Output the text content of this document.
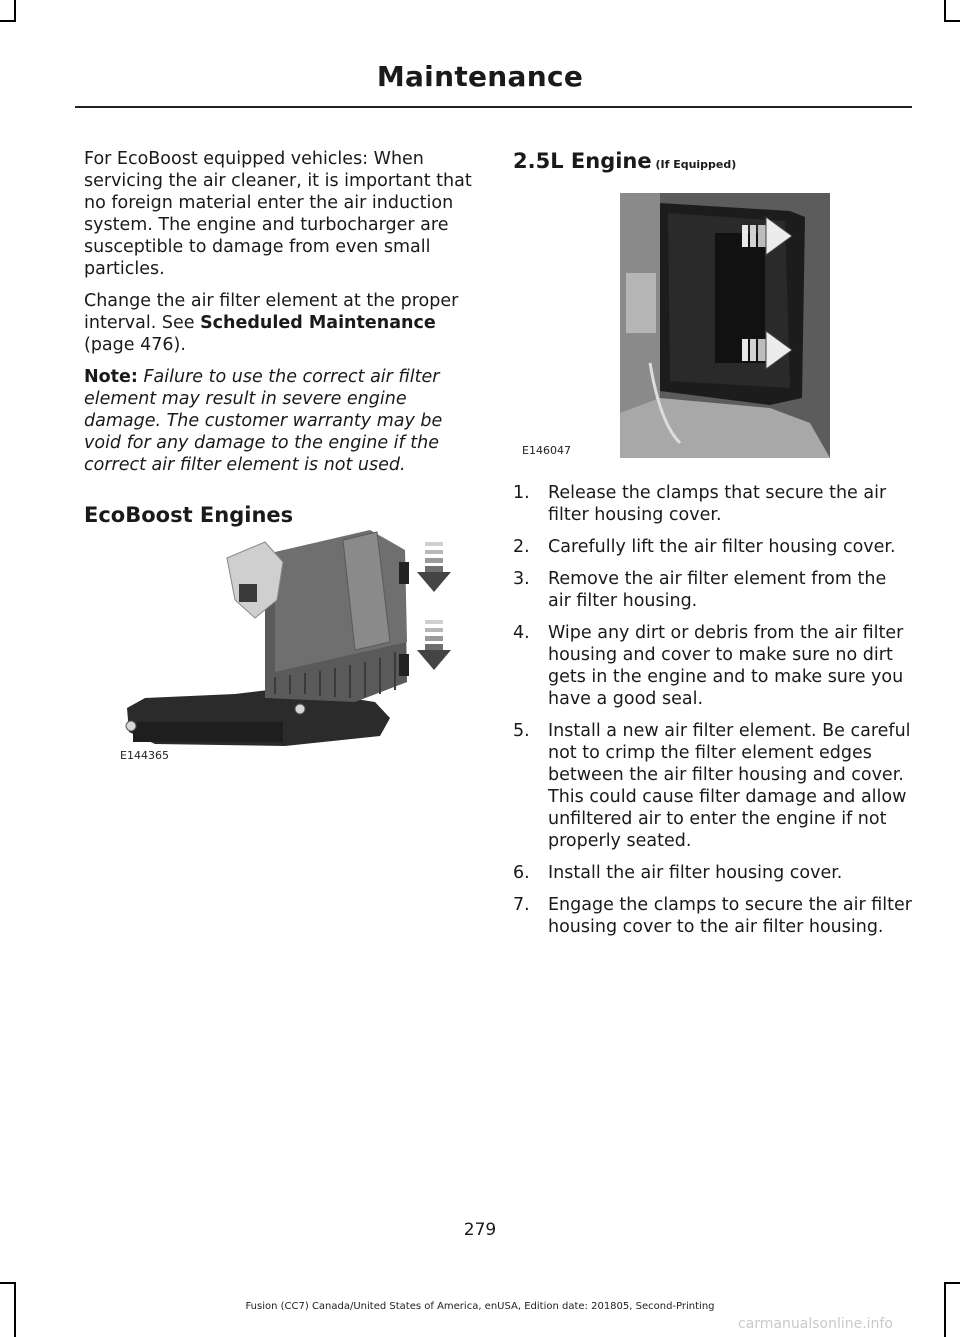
Maintenance

For EcoBoost equipped vehicles: When servicing the air cleaner, it is important that no foreign material enter the air induction system. The engine and turbocharger are susceptible to damage from even small particles.

Change the air filter element at the proper interval. See Scheduled Maintenance (page 476).

Note: Failure to use the correct air filter element may result in severe engine damage. The customer warranty may be void for any damage to the engine if the correct air filter element is not used.

EcoBoost Engines
E144365
2.5L Engine (If Equipped)
E146047
1. Release the clamps that secure the air filter housing cover.
2. Carefully lift the air filter housing cover.
3. Remove the air filter element from the air filter housing.
4. Wipe any dirt or debris from the air filter housing and cover to make sure no dirt gets in the engine and to make sure you have a good seal.
5. Install a new air filter element. Be careful not to crimp the filter element edges between the air filter housing and cover. This could cause filter damage and allow unfiltered air to enter the engine if not properly seated.
6. Install the air filter housing cover.
7. Engage the clamps to secure the air filter housing cover to the air filter housing.
279
Fusion (CC7) Canada/United States of America, enUSA, Edition date: 201805, Second-Printing
carmanualsonline.info
